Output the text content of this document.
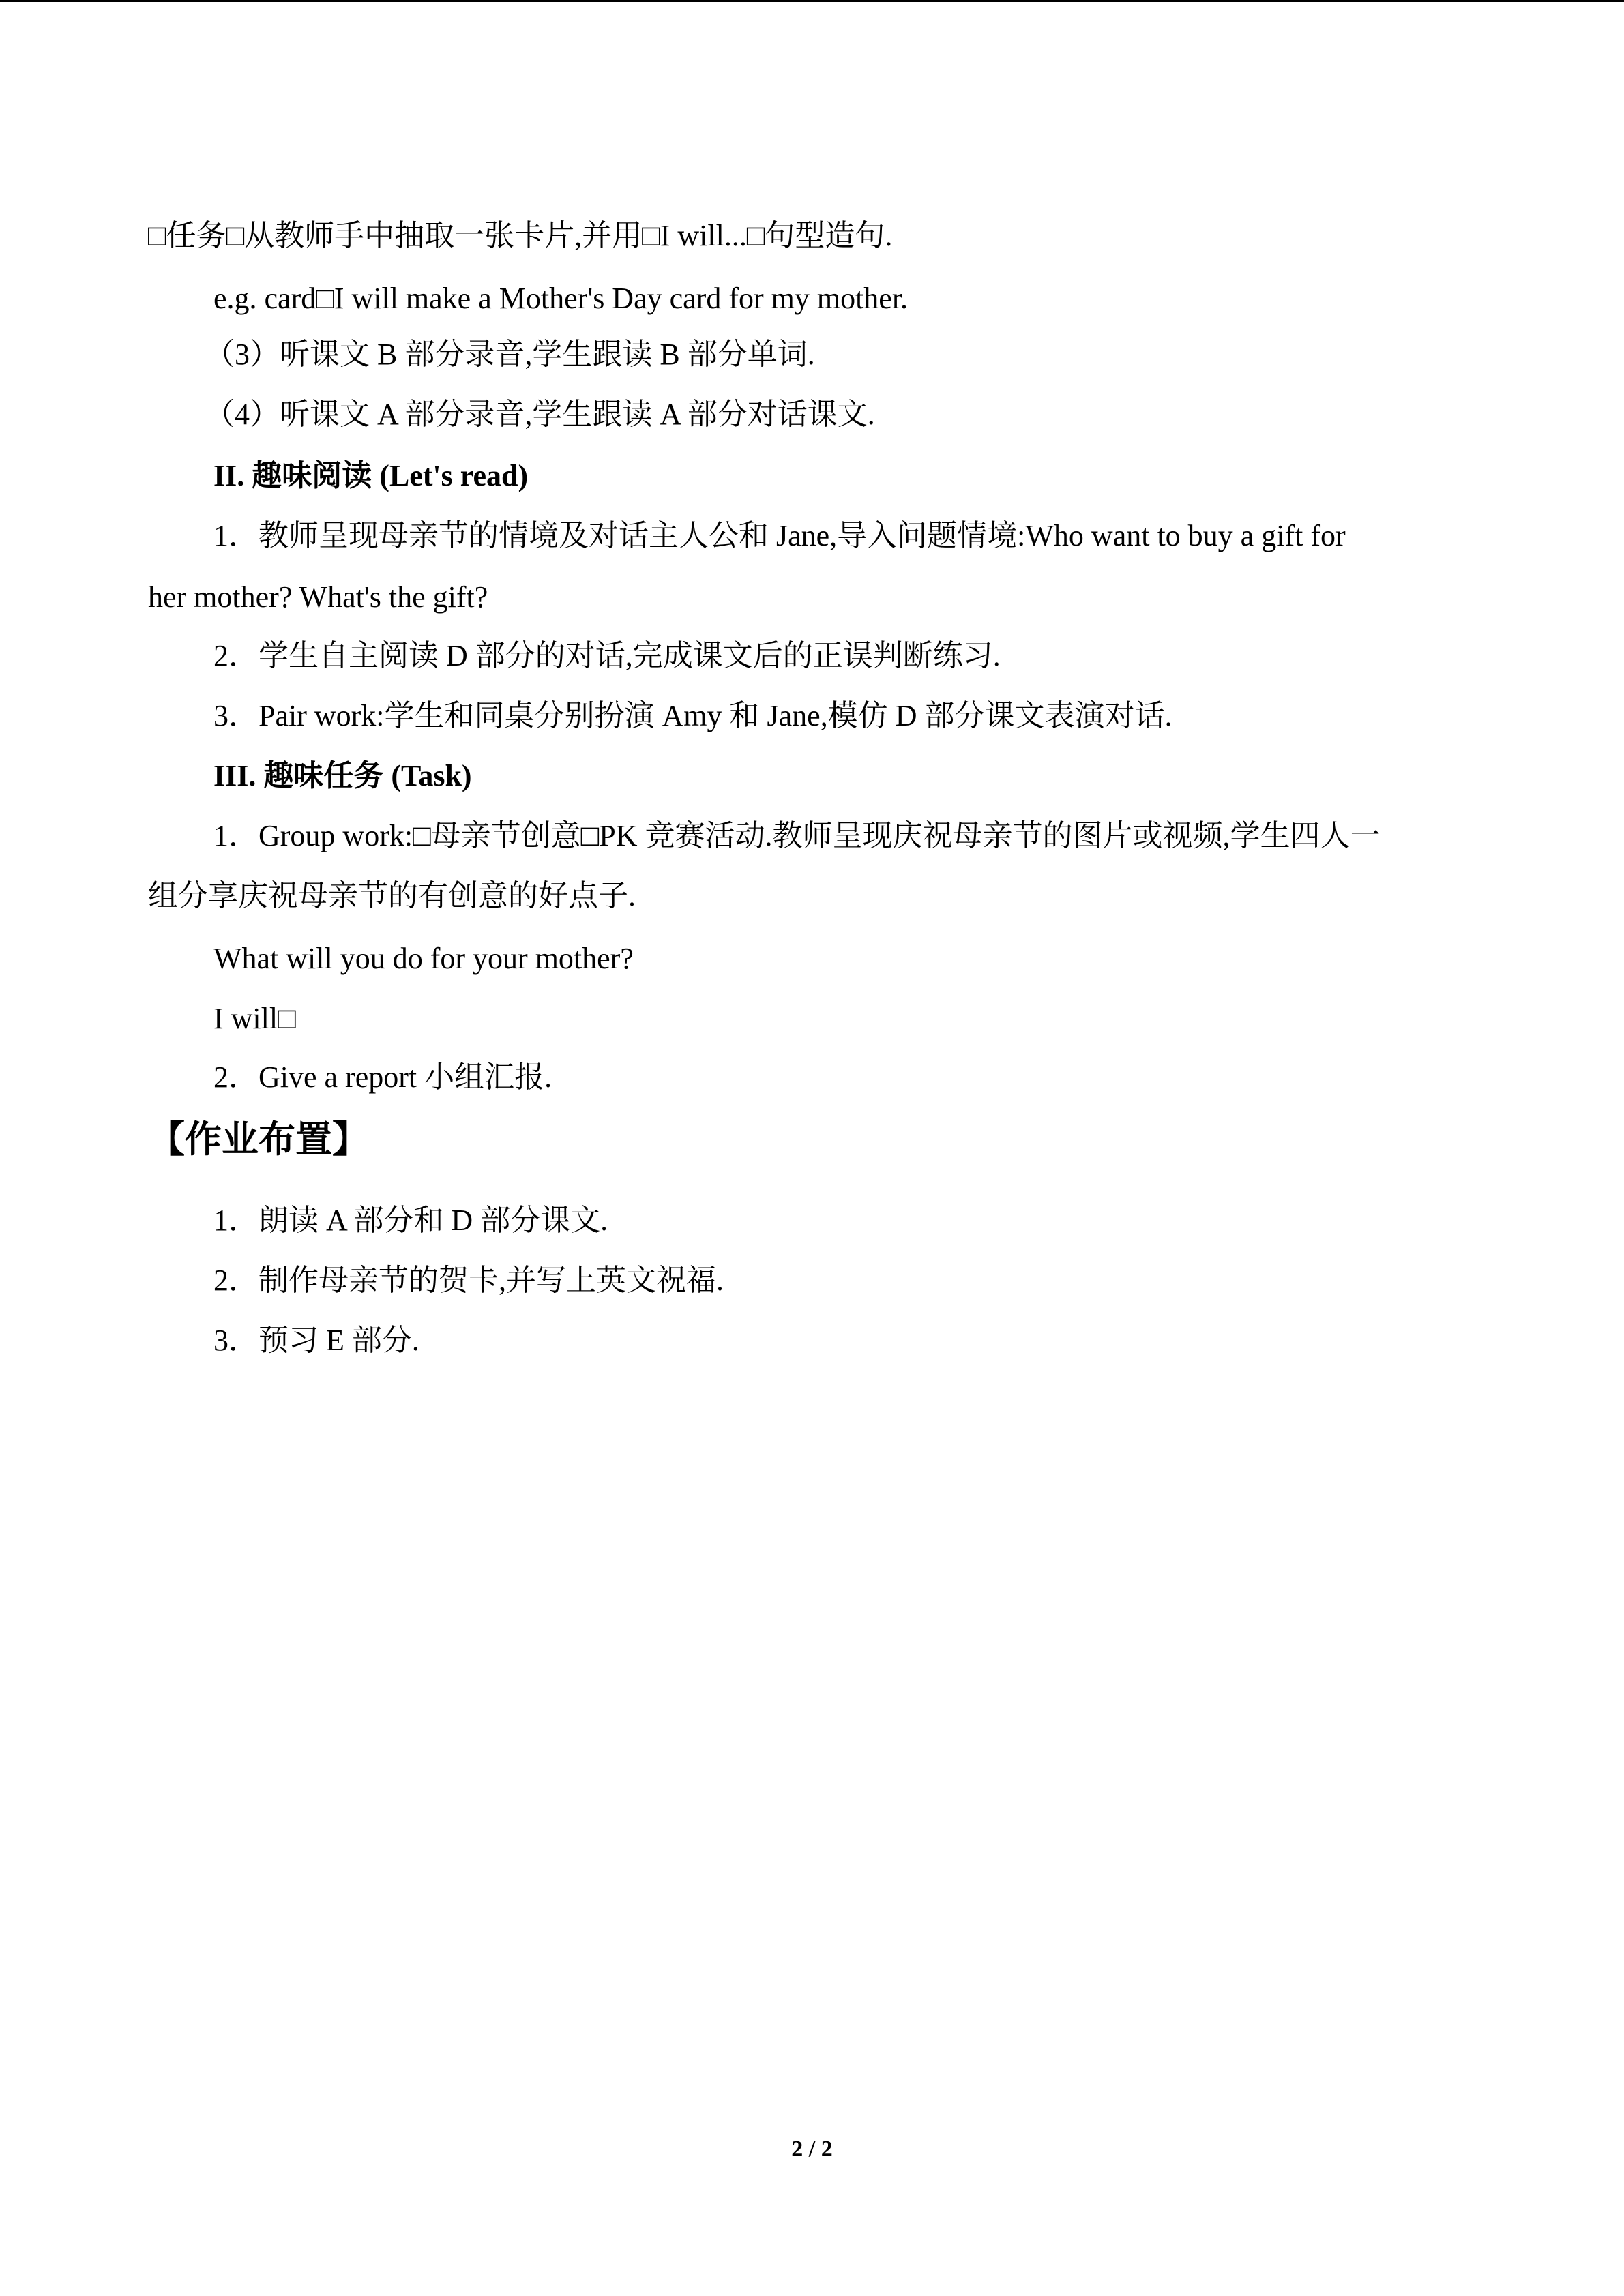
□任务□从教师手中抽取一张卡片,并用□I will...□句型造句.
e.g. card□I will make a Mother's Day card for my mother.
（3）听课文 B 部分录音,学生跟读 B 部分单词.
（4）听课文 A 部分录音,学生跟读 A 部分对话课文.
II. 趣味阅读 (Let's read)
1．教师呈现母亲节的情境及对话主人公和 Jane,导入问题情境:Who want to buy a gift for
her mother? What's the gift?
2．学生自主阅读 D 部分的对话,完成课文后的正误判断练习.
3．Pair work:学生和同桌分别扮演 Amy 和 Jane,模仿 D 部分课文表演对话.
III. 趣味任务 (Task)
1．Group work:□母亲节创意□PK 竞赛活动.教师呈现庆祝母亲节的图片或视频,学生四人一
组分享庆祝母亲节的有创意的好点子.
What will you do for your mother?
I will□
2．Give a report 小组汇报.
【作业布置】
1．朗读 A 部分和 D 部分课文.
2．制作母亲节的贺卡,并写上英文祝福.
3．预习 E 部分.
2 / 2
